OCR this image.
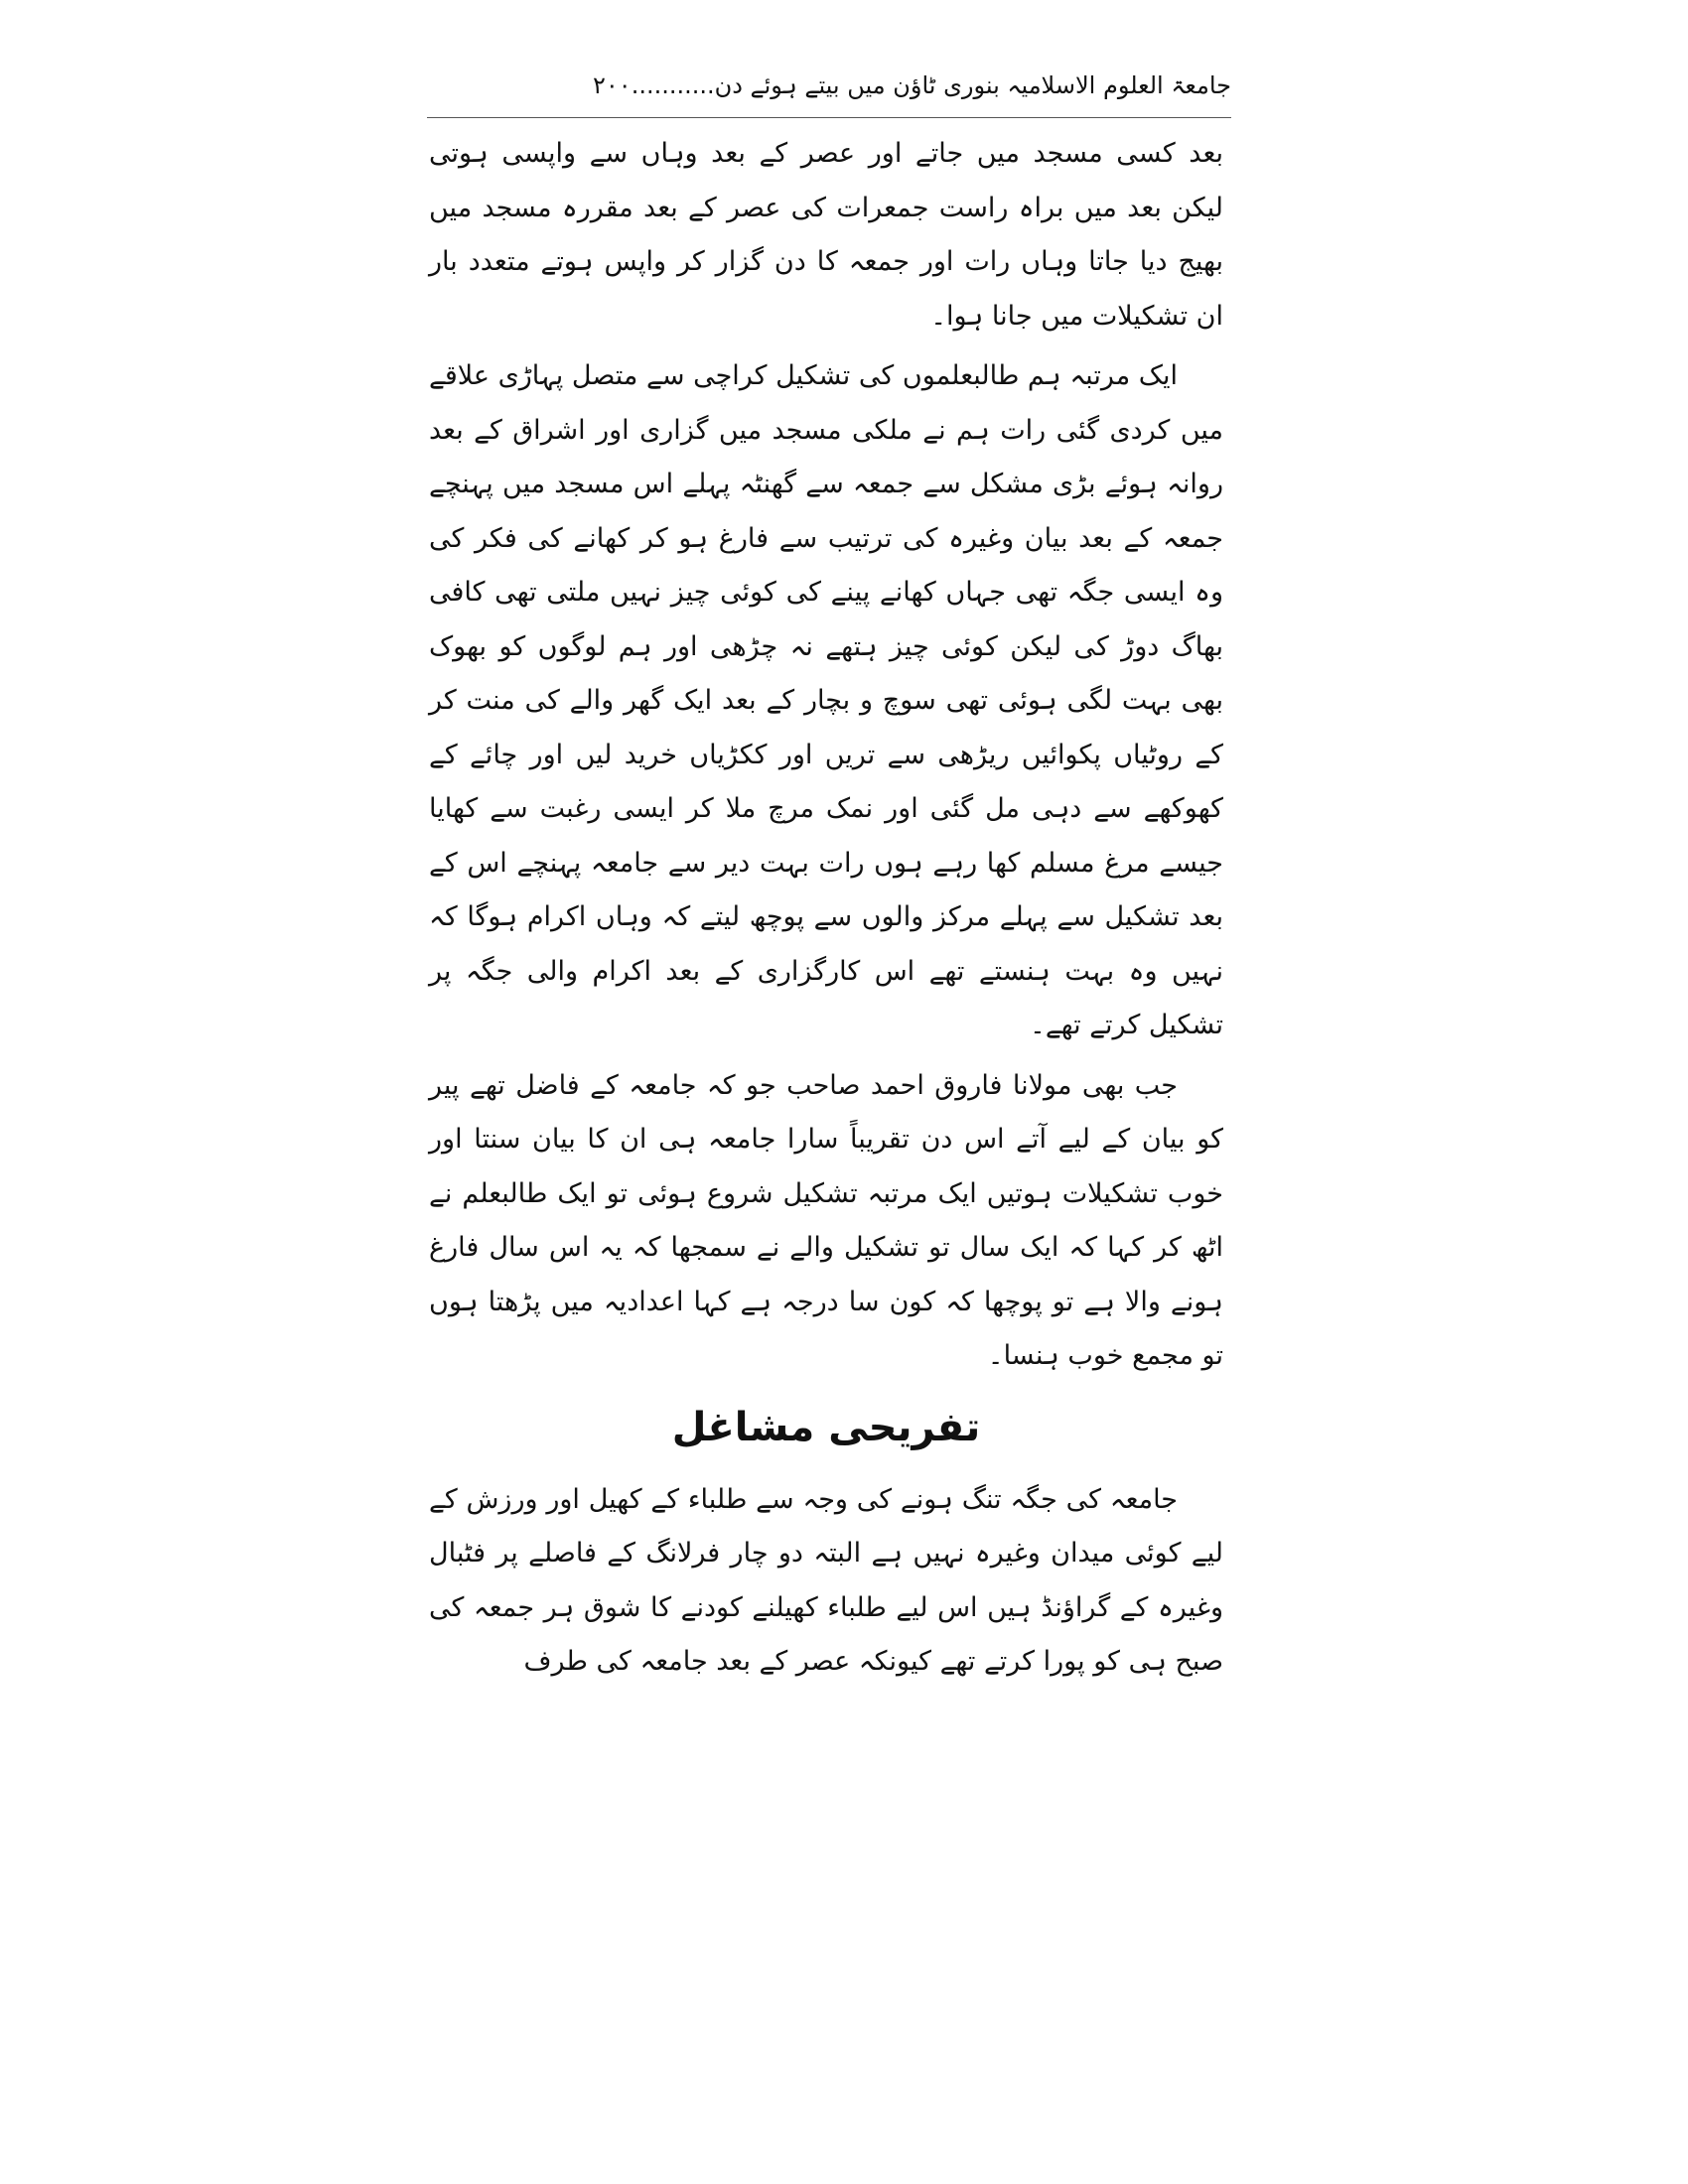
جامعۃ العلوم الاسلامیہ بنوری ٹاؤن میں بیتے ہوئے دن...........۲۰۰

بعد کسی مسجد میں جاتے اور عصر کے بعد وہاں سے واپسی ہوتی لیکن بعد میں براہ راست جمعرات کی عصر کے بعد مقررہ مسجد میں بھیج دیا جاتا وہاں رات اور جمعہ کا دن گزار کر واپس ہوتے متعدد بار ان تشکیلات میں جانا ہوا۔

ایک مرتبہ ہم طالبعلموں کی تشکیل کراچی سے متصل پہاڑی علاقے میں کردی گئی رات ہم نے ملکی مسجد میں گزاری اور اشراق کے بعد روانہ ہوئے بڑی مشکل سے جمعہ سے گھنٹہ پہلے اس مسجد میں پہنچے جمعہ کے بعد بیان وغیرہ کی ترتیب سے فارغ ہو کر کھانے کی فکر کی وہ ایسی جگہ تھی جہاں کھانے پینے کی کوئی چیز نہیں ملتی تھی کافی بھاگ دوڑ کی لیکن کوئی چیز ہتھے نہ چڑھی اور ہم لوگوں کو بھوک بھی بہت لگی ہوئی تھی سوچ و بچار کے بعد ایک گھر والے کی منت کر کے روٹیاں پکوائیں ریڑھی سے تریں اور ککڑیاں خرید لیں اور چائے کے کھوکھے سے دہی مل گئی اور نمک مرچ ملا کر ایسی رغبت سے کھایا جیسے مرغ مسلم کھا رہے ہوں رات بہت دیر سے جامعہ پہنچے اس کے بعد تشکیل سے پہلے مرکز والوں سے پوچھ لیتے کہ وہاں اکرام ہوگا کہ نہیں وہ بہت ہنستے تھے اس کارگزاری کے بعد اکرام والی جگہ پر تشکیل کرتے تھے۔

جب بھی مولانا فاروق احمد صاحب جو کہ جامعہ کے فاضل تھے پیر کو بیان کے لیے آتے اس دن تقریباً سارا جامعہ ہی ان کا بیان سنتا اور خوب تشکیلات ہوتیں ایک مرتبہ تشکیل شروع ہوئی تو ایک طالبعلم نے اٹھ کر کہا کہ ایک سال تو تشکیل والے نے سمجھا کہ یہ اس سال فارغ ہونے والا ہے تو پوچھا کہ کون سا درجہ ہے کہا اعدادیہ میں پڑھتا ہوں تو مجمع خوب ہنسا۔

تفریحی مشاغل

جامعہ کی جگہ تنگ ہونے کی وجہ سے طلباء کے کھیل اور ورزش کے لیے کوئی میدان وغیرہ نہیں ہے البتہ دو چار فرلانگ کے فاصلے پر فٹبال وغیرہ کے گراؤنڈ ہیں اس لیے طلباء کھیلنے کودنے کا شوق ہر جمعہ کی صبح ہی کو پورا کرتے تھے کیونکہ عصر کے بعد جامعہ کی طرف
